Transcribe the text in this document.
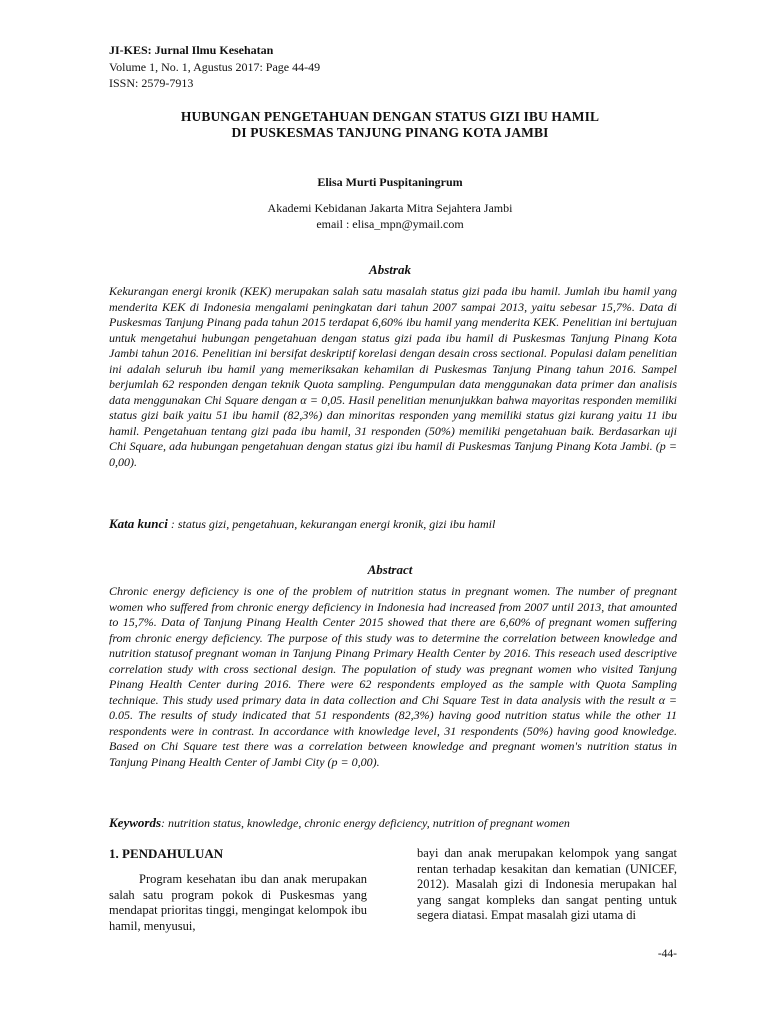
JI-KES: Jurnal Ilmu Kesehatan
Volume 1, No. 1, Agustus 2017: Page 44-49
ISSN: 2579-7913
HUBUNGAN PENGETAHUAN DENGAN STATUS GIZI IBU HAMIL
DI PUSKESMAS TANJUNG PINANG KOTA JAMBI
Elisa Murti Puspitaningrum
Akademi Kebidanan Jakarta Mitra Sejahtera Jambi
email : elisa_mpn@ymail.com
Abstrak

Kekurangan energi kronik (KEK) merupakan salah satu masalah status gizi pada ibu hamil. Jumlah ibu hamil yang menderita KEK di Indonesia mengalami peningkatan dari tahun 2007 sampai 2013, yaitu sebesar 15,7%. Data di Puskesmas Tanjung Pinang pada tahun 2015 terdapat 6,60% ibu hamil yang menderita KEK. Penelitian ini bertujuan untuk mengetahui hubungan pengetahuan dengan status gizi pada ibu hamil di Puskesmas Tanjung Pinang Kota Jambi tahun 2016. Penelitian ini bersifat deskriptif korelasi dengan desain cross sectional. Populasi dalam penelitian ini adalah seluruh ibu hamil yang memeriksakan kehamilan di Puskesmas Tanjung Pinang tahun 2016. Sampel berjumlah 62 responden dengan teknik Quota sampling. Pengumpulan data menggunakan data primer dan analisis data menggunakan Chi Square dengan α = 0,05. Hasil penelitian menunjukkan bahwa mayoritas responden memiliki status gizi baik yaitu 51 ibu hamil (82,3%) dan minoritas responden yang memiliki status gizi kurang yaitu 11 ibu hamil. Pengetahuan tentang gizi pada ibu hamil, 31 responden (50%) memiliki pengetahuan baik. Berdasarkan uji Chi Square, ada hubungan pengetahuan dengan status gizi ibu hamil di Puskesmas Tanjung Pinang Kota Jambi. (p = 0,00).

Kata kunci : status gizi, pengetahuan, kekurangan energi kronik, gizi ibu hamil
Abstract

Chronic energy deficiency is one of the problem of nutrition status in pregnant women. The number of pregnant women who suffered from chronic energy deficiency in Indonesia had increased from 2007 until 2013, that amounted to 15,7%. Data of Tanjung Pinang Health Center 2015 showed that there are 6,60% of pregnant women suffering from chronic energy deficiency. The purpose of this study was to determine the correlation between knowledge and nutrition statusof pregnant woman in Tanjung Pinang Primary Health Center by 2016. This reseach used descriptive correlation study with cross sectional design. The population of study was pregnant women who visited Tanjung Pinang Health Center during 2016. There were 62 respondents employed as the sample with Quota Sampling technique. This study used primary data in data collection and Chi Square Test in data analysis with the result α = 0.05. The results of study indicated that 51 respondents (82,3%) having good nutrition status while the other 11 respondents were in contrast. In accordance with knowledge level, 31 respondents (50%) having good knowledge. Based on Chi Square test there was a correlation between knowledge and pregnant women's nutrition status in Tanjung Pinang Health Center of Jambi City (p = 0,00).

Keywords: nutrition status, knowledge, chronic energy deficiency, nutrition of pregnant women
1. PENDAHULUAN

Program kesehatan ibu dan anak merupakan salah satu program pokok di Puskesmas yang mendapat prioritas tinggi, mengingat kelompok ibu hamil, menyusui,

bayi dan anak merupakan kelompok yang sangat rentan terhadap kesakitan dan kematian (UNICEF, 2012). Masalah gizi di Indonesia merupakan hal yang sangat kompleks dan sangat penting untuk segera diatasi. Empat masalah gizi utama di

-44-
